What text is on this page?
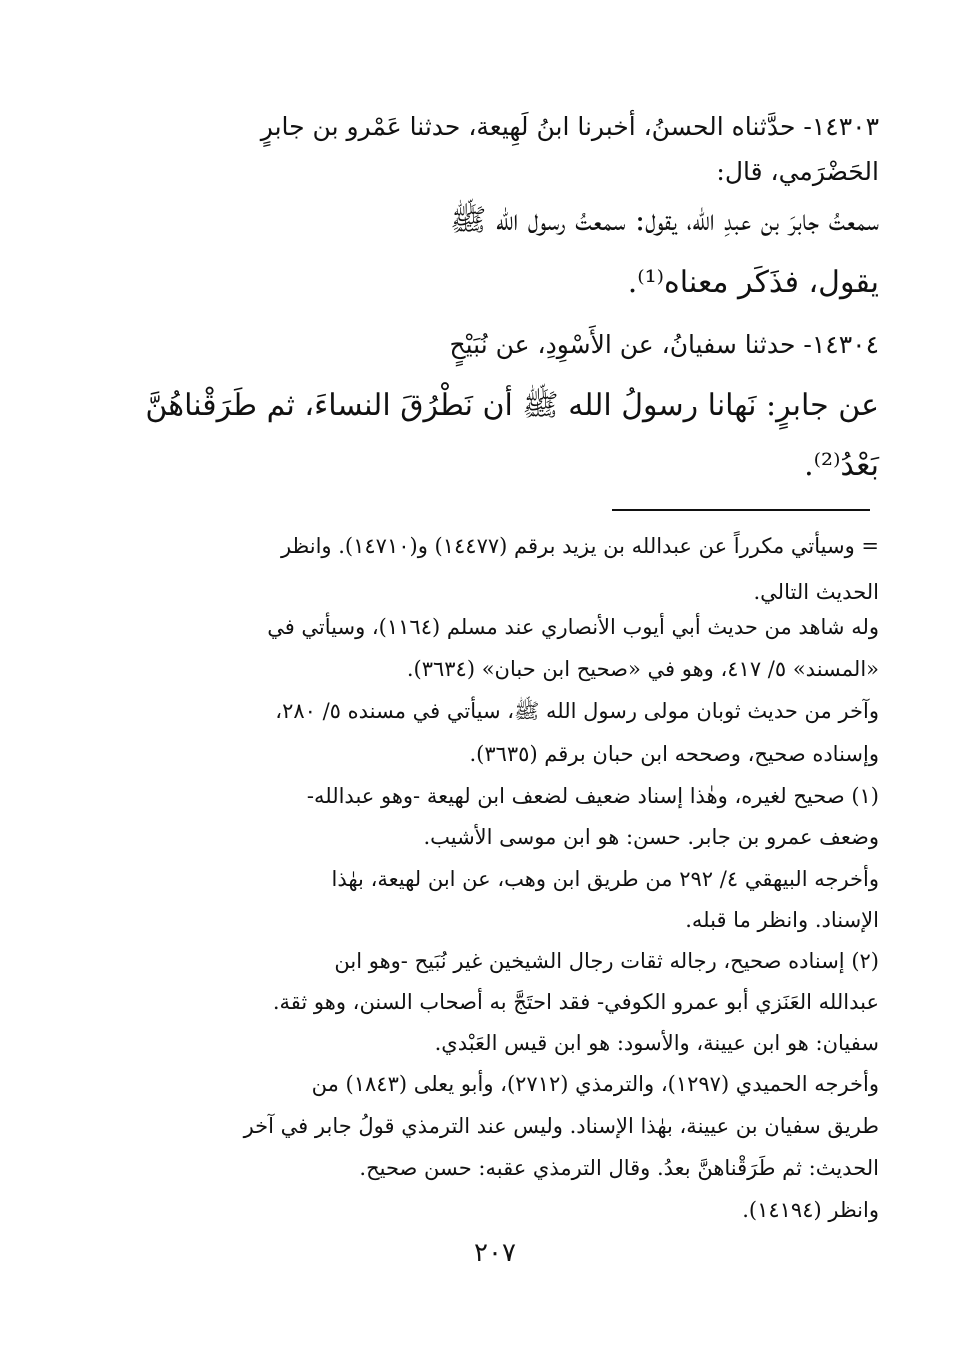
١٤٣٠٣- حدَّثناه الحسنُ، أخبرنا ابنُ لَهِيعة، حدثنا عَمْرو بن جابرٍ
الحَضْرَمي، قال:
سمعتُ جابرَ بن عبدِ الله، يقول: سمعتُ رسول الله ﷺ
يقول، فذَكَر معناه⁽¹⁾.
١٤٣٠٤- حدثنا سفيانُ، عن الأَسْوِدِ، عن نُبَيْحٍ
عن جابرٍ: نَهانا رسولُ الله ﷺ أن نَطْرُقَ النساءَ، ثم طَرَقْناهُنَّ
بَعْدُ⁽²⁾.
= وسيأتي مكرراً عن عبدالله بن يزيد برقم (١٤٤٧٧) و(١٤٧١٠). وانظر
الحديث التالي.
وله شاهد من حديث أبي أيوب الأنصاري عند مسلم (١١٦٤)، وسيأتي في
«المسند» ٥/ ٤١٧، وهو في «صحيح ابن حبان» (٣٦٣٤).
وآخر من حديث ثوبان مولى رسول الله ﷺ، سيأتي في مسنده ٥/ ٢٨٠،
وإسناده صحيح، وصححه ابن حبان برقم (٣٦٣٥).
(١) صحيح لغيره، وهٰذا إسناد ضعيف لضعف ابن لهيعة -وهو عبدالله-
وضعف عمرو بن جابر. حسن: هو ابن موسى الأشيب.
وأخرجه البيهقي ٤/ ٢٩٢ من طريق ابن وهب، عن ابن لهيعة، بهٰذا
الإسناد. وانظر ما قبله.
(٢) إسناده صحيح، رجاله ثقات رجال الشيخين غير نُبَيح -وهو ابن
عبدالله العَنَزي أبو عمرو الكوفي- فقد احتَجَّ به أصحاب السنن، وهو ثقة.
سفيان: هو ابن عيينة، والأسود: هو ابن قيس العَبْدي.
وأخرجه الحميدي (١٢٩٧)، والترمذي (٢٧١٢)، وأبو يعلى (١٨٤٣) من
طريق سفيان بن عيينة، بهٰذا الإسناد. وليس عند الترمذي قولُ جابر في آخر
الحديث: ثم طَرَقْناهنَّ بعدُ. وقال الترمذي عقبه: حسن صحيح.
وانظر (١٤١٩٤).
٢٠٧
